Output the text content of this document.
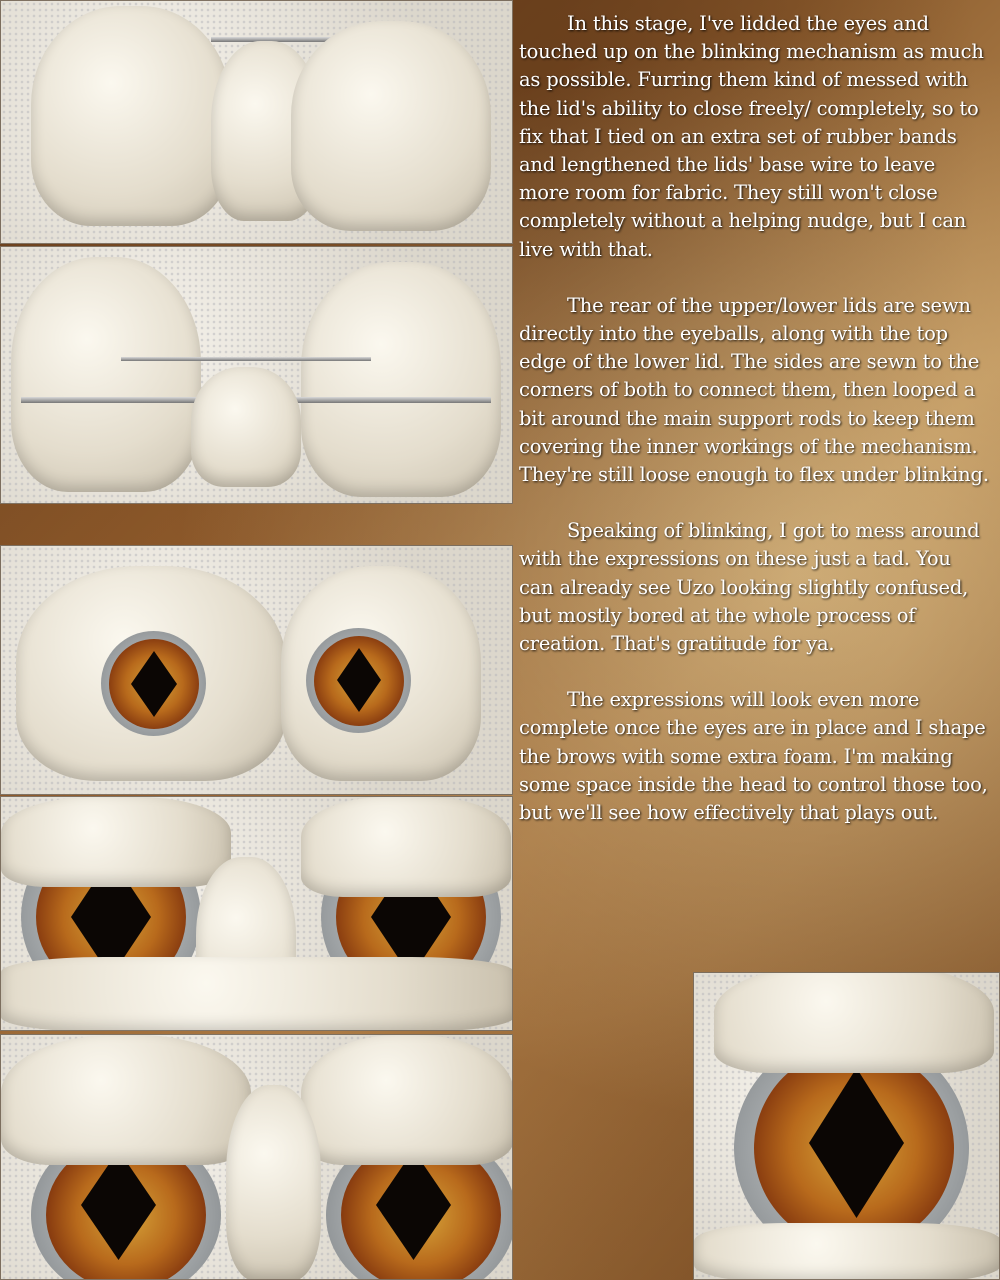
In this stage, I've lidded the eyes and touched up on the blinking mechanism as much as possible. Furring them kind of messed with the lid's ability to close freely/ completely, so to fix that I tied on an extra set of rubber bands and lengthened the lids' base wire to leave more room for fabric. They still won't close completely without a helping nudge, but I can live with that.

The rear of the upper/lower lids are sewn directly into the eyeballs, along with the top edge of the lower lid. The sides are sewn to the corners of both to connect them, then looped a bit around the main support rods to keep them covering the inner workings of the mechanism. They're still loose enough to flex under blinking.

Speaking of blinking, I got to mess around with the expressions on these just a tad. You can already see Uzo looking slightly confused, but mostly bored at the whole process of creation. That's gratitude for ya.

The expressions will look even more complete once the eyes are in place and I shape the brows with some extra foam. I'm making some space inside the head to control those too, but we'll see how effectively that plays out.
